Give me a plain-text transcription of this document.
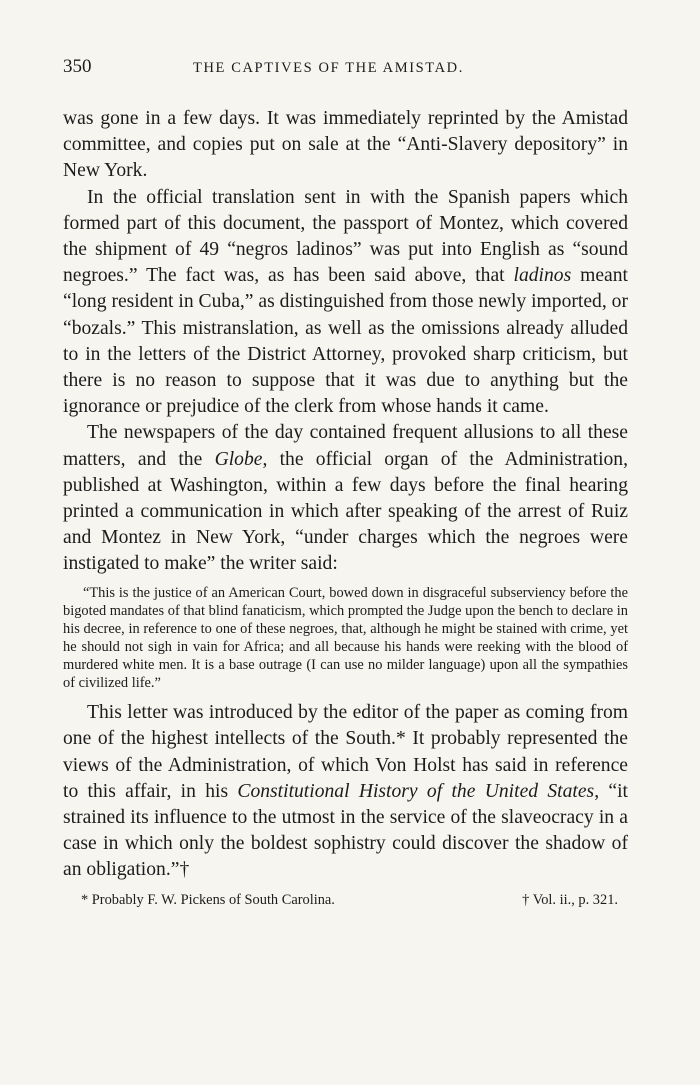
350	THE CAPTIVES OF THE AMISTAD.

was gone in a few days. It was immediately reprinted by the Amistad committee, and copies put on sale at the “Anti-Slavery depository” in New York.

In the official translation sent in with the Spanish papers which formed part of this document, the passport of Montez, which covered the shipment of 49 “negros ladinos” was put into English as “sound negroes.” The fact was, as has been said above, that ladinos meant “long resident in Cuba,” as distinguished from those newly imported, or “bozals.” This mistranslation, as well as the omissions already alluded to in the letters of the District Attorney, provoked sharp criticism, but there is no reason to suppose that it was due to anything but the ignorance or prejudice of the clerk from whose hands it came.

The newspapers of the day contained frequent allusions to all these matters, and the Globe, the official organ of the Administration, published at Washington, within a few days before the final hearing printed a communication in which after speaking of the arrest of Ruiz and Montez in New York, “under charges which the negroes were instigated to make” the writer said:

“This is the justice of an American Court, bowed down in disgraceful subserviency before the bigoted mandates of that blind fanaticism, which prompted the Judge upon the bench to declare in his decree, in reference to one of these negroes, that, although he might be stained with crime, yet he should not sigh in vain for Africa; and all because his hands were reeking with the blood of murdered white men. It is a base outrage (I can use no milder language) upon all the sympathies of civilized life.”

This letter was introduced by the editor of the paper as coming from one of the highest intellects of the South.* It probably represented the views of the Administration, of which Von Holst has said in reference to this affair, in his Constitutional History of the United States, “it strained its influence to the utmost in the service of the slaveocracy in a case in which only the boldest sophistry could discover the shadow of an obligation.”†

* Probably F. W. Pickens of South Carolina.	† Vol. ii., p. 321.
